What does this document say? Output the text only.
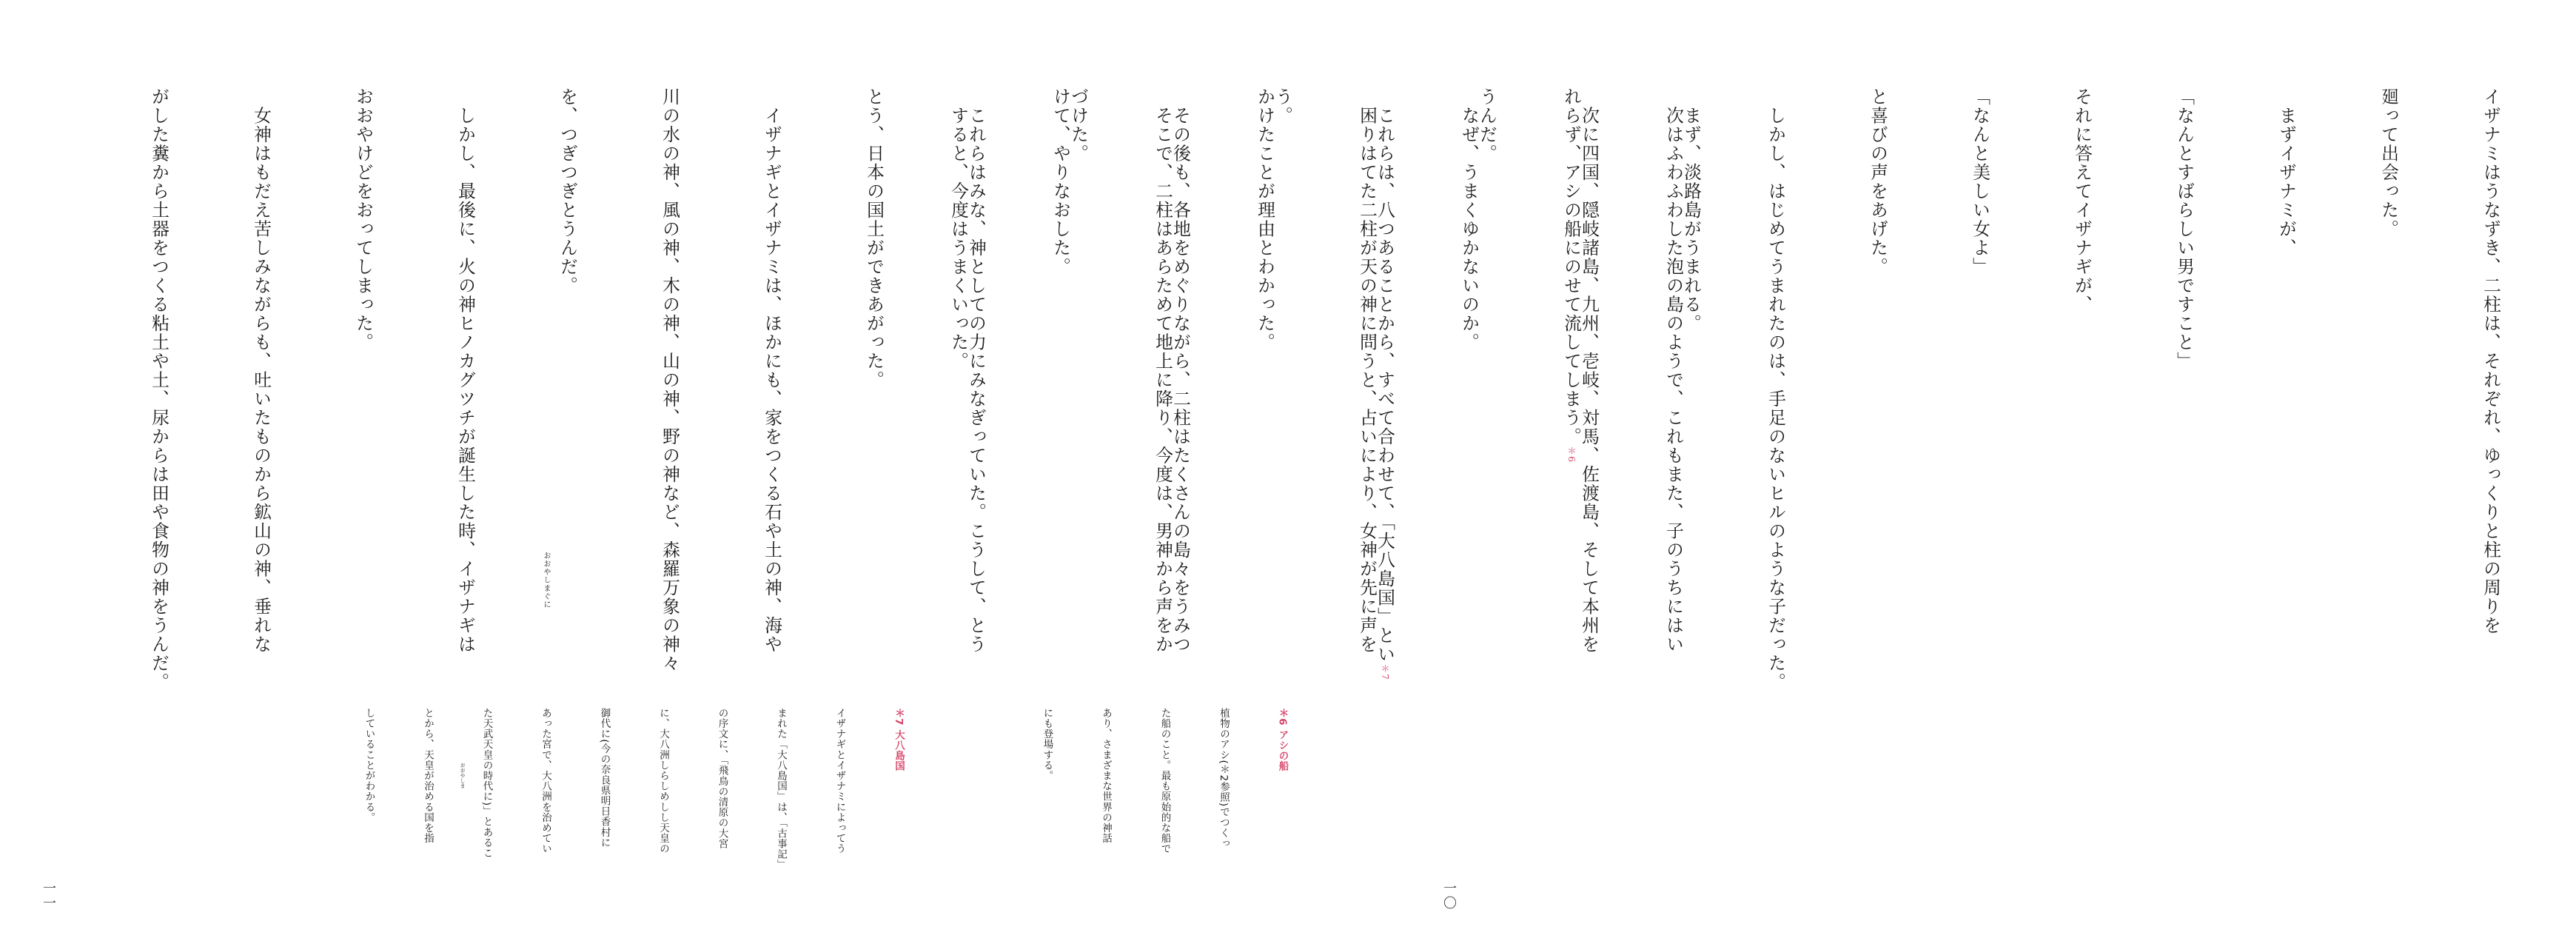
イザナミはうなずき、二柱は、それぞれ、ゆっくりと柱の周りを

廻って出会った。

　まずイザナミが、

「なんとすばらしい男ですこと」

それに答えてイザナギが、

「なんと美しい女よ」

と喜びの声をあげた。

　しかし、はじめてうまれたのは、手足のないヒルのような子だった。

　次はふわふわした泡の島のようで、これもまた、子のうちにはい

れらず、アシの船にのせて流してしまう。＊6

　なぜ、うまくゆかないのか。

　困りはてた二柱が天の神に問うと、占いにより、女神が先に声を

かけたことが理由とわかった。

　そこで、二柱はあらためて地上に降り、今度は、男神から声をか

けて、やりなおした。

　すると、今度はうまくいった。

＊6 アシの船

植物のアシ(＊2参照)でつくっ

た船のこと。最も原始的な船で

あり、さまざまな世界の神話

にも登場する。

一〇

　まず、淡路島がうまれる。

　次に四国、隠岐諸島、九州、壱岐、対馬、佐渡島、そして本州を

うんだ。

　これらは、八つあることから、すべて合わせて、「大八島国」とい＊7

う。

　その後も、各地をめぐりながら、二柱はたくさんの島々をうみつ

づけた。

　これらはみな、神としての力にみなぎっていた。こうして、とう

とう、日本の国土ができあがった。

　イザナギとイザナミは、ほかにも、家をつくる石や土の神、海や

川の水の神、風の神、木の神、山の神、野の神など、森羅万象の神々

を、つぎつぎとうんだ。

　しかし、最後に、火の神ヒノカグツチが誕生した時、イザナギは

おおやけどをおってしまった。

　女神はもだえ苦しみながらも、吐いたものから鉱山の神、垂れな

がした糞から土器をつくる粘土や土、尿からは田や食物の神をうんだ。

＊7 大八島国

イザナギとイザナミによってう

まれた「大八島国」は、「古事記」

の序文に、「飛鳥の清原の大宮

に、大八洲しらしめしし天皇の

御代に(今の奈良県明日香村に

あった宮で、大八洲を治めてい

た天武天皇の時代に)」とあるこ

とから、天皇が治める国を指

していることがわかる。

一一
おおやしまぐに
おおやしま
